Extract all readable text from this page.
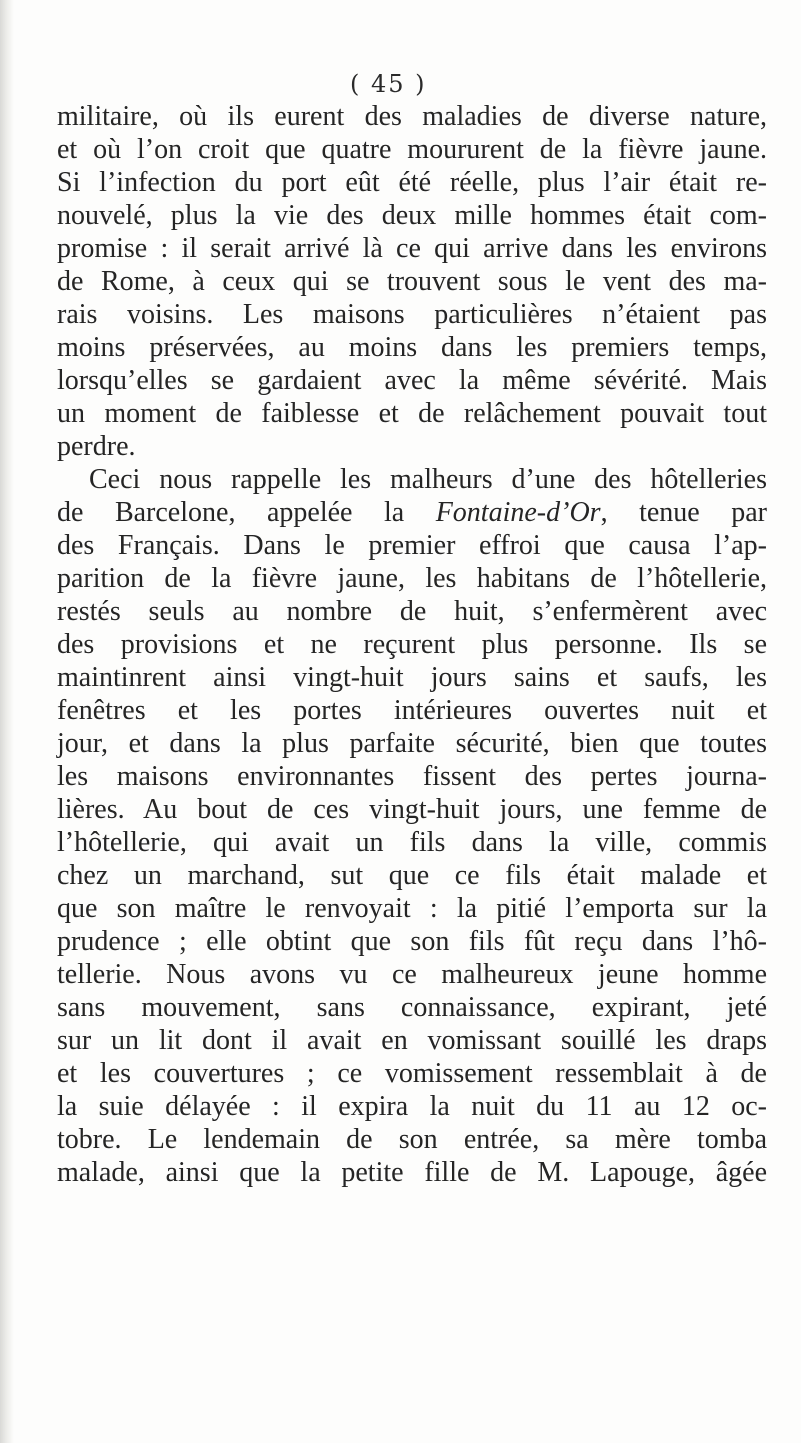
( 45 )
militaire, où ils eurent des maladies de diverse nature,
et où l’on croit que quatre moururent de la fièvre jaune.
Si l’infection du port eût été réelle, plus l’air était re-
nouvelé, plus la vie des deux mille hommes était com-
promise : il serait arrivé là ce qui arrive dans les environs
de Rome, à ceux qui se trouvent sous le vent des ma-
rais voisins. Les maisons particulières n’étaient pas
moins préservées, au moins dans les premiers temps,
lorsqu’elles se gardaient avec la même sévérité. Mais
un moment de faiblesse et de relâchement pouvait tout
perdre.
Ceci nous rappelle les malheurs d’une des hôtelleries
de Barcelone, appelée la Fontaine-d’Or, tenue par
des Français. Dans le premier effroi que causa l’ap-
parition de la fièvre jaune, les habitans de l’hôtellerie,
restés seuls au nombre de huit, s’enfermèrent avec
des provisions et ne reçurent plus personne. Ils se
maintinrent ainsi vingt-huit jours sains et saufs, les
fenêtres et les portes intérieures ouvertes nuit et
jour, et dans la plus parfaite sécurité, bien que toutes
les maisons environnantes fissent des pertes journa-
lières. Au bout de ces vingt-huit jours, une femme de
l’hôtellerie, qui avait un fils dans la ville, commis
chez un marchand, sut que ce fils était malade et
que son maître le renvoyait : la pitié l’emporta sur la
prudence ; elle obtint que son fils fût reçu dans l’hô-
tellerie. Nous avons vu ce malheureux jeune homme
sans mouvement, sans connaissance, expirant, jeté
sur un lit dont il avait en vomissant souillé les draps
et les couvertures ; ce vomissement ressemblait à de
la suie délayée : il expira la nuit du 11 au 12 oc-
tobre. Le lendemain de son entrée, sa mère tomba
malade, ainsi que la petite fille de M. Lapouge, âgée
